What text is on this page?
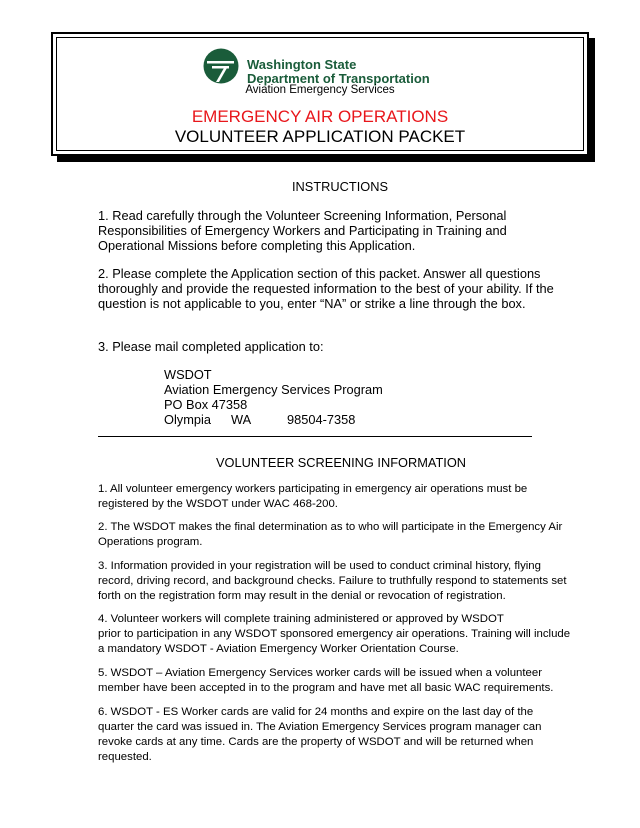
Washington State
Department of Transportation
Aviation Emergency Services
EMERGENCY AIR OPERATIONS
VOLUNTEER APPLICATION PACKET
INSTRUCTIONS
1. Read carefully through the Volunteer Screening Information, Personal
Responsibilities of Emergency Workers and Participating in Training and
Operational Missions before completing this Application.
2. Please complete the Application section of this packet. Answer all questions
thoroughly and provide the requested information to the best of your ability. If the
question is not applicable to you, enter “NA” or strike a line through the box.
3. Please mail completed application to:
WSDOT
Aviation Emergency Services Program
PO Box 47358
Olympia WA	98504-7358
VOLUNTEER SCREENING INFORMATION
1. All volunteer emergency workers participating in emergency air operations must be
registered by the WSDOT under WAC 468-200.
2. The WSDOT makes the final determination as to who will participate in the Emergency Air
Operations program.
3. Information provided in your registration will be used to conduct criminal history, flying
record, driving record, and background checks. Failure to truthfully respond to statements set
forth on the registration form may result in the denial or revocation of registration.
4. Volunteer workers will complete training administered or approved by WSDOT
prior to participation in any WSDOT sponsored emergency air operations. Training will include
a mandatory WSDOT - Aviation Emergency Worker Orientation Course.
5. WSDOT – Aviation Emergency Services worker cards will be issued when a volunteer
member have been accepted in to the program and have met all basic WAC requirements.
6. WSDOT - ES Worker cards are valid for 24 months and expire on the last day of the
quarter the card was issued in. The Aviation Emergency Services program manager can
revoke cards at any time. Cards are the property of WSDOT and will be returned when
requested.
